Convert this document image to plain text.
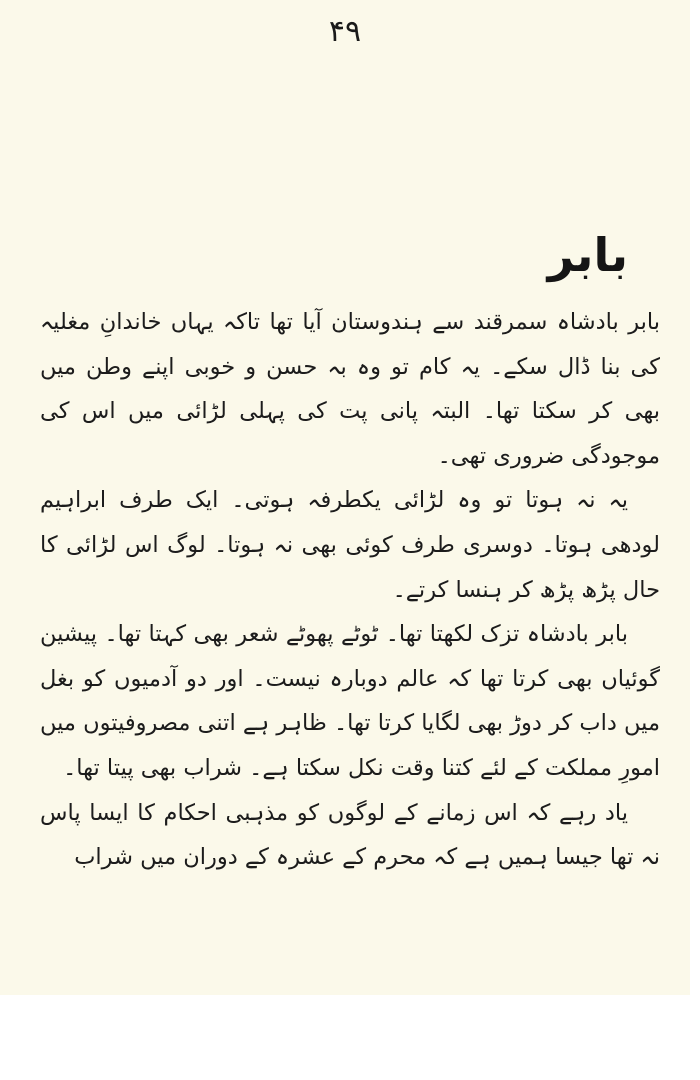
۴۹
بابر

بابر بادشاہ سمرقند سے ہندوستان آیا تھا تاکہ یہاں خاندانِ مغلیہ کی بنا ڈال سکے۔ یہ کام تو وہ بہ حسن و خوبی اپنے وطن میں بھی کر سکتا تھا۔ البتہ پانی پت کی پہلی لڑائی میں اس کی موجودگی ضروری تھی۔

یہ نہ ہوتا تو وہ لڑائی یکطرفہ ہوتی۔ ایک طرف ابراہیم لودھی ہوتا۔ دوسری طرف کوئی بھی نہ ہوتا۔ لوگ اس لڑائی کا حال پڑھ پڑھ کر ہنسا کرتے۔

بابر بادشاہ تزک لکھتا تھا۔ ٹوٹے پھوٹے شعر بھی کہتا تھا۔ پیشین گوئیاں بھی کرتا تھا کہ عالم دوبارہ نیست۔ اور دو آدمیوں کو بغل میں داب کر دوڑ بھی لگایا کرتا تھا۔ ظاہر ہے اتنی مصروفیتوں میں امورِ مملکت کے لئے کتنا وقت نکل سکتا ہے۔ شراب بھی پیتا تھا۔

یاد رہے کہ اس زمانے کے لوگوں کو مذہبی احکام کا ایسا پاس نہ تھا جیسا ہمیں ہے کہ محرم کے عشرہ کے دوران میں شراب
